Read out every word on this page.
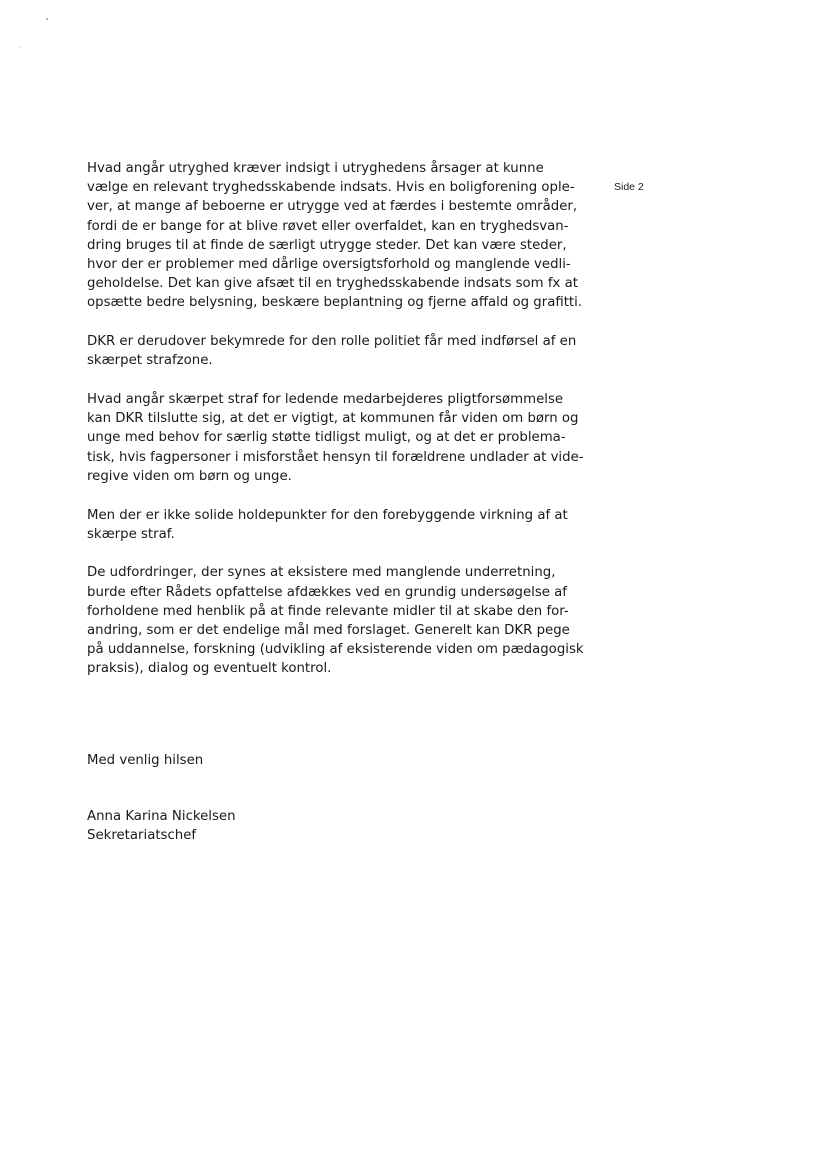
Side 2

Hvad angår utryghed kræver indsigt i utryghedens årsager at kunne
vælge en relevant tryghedsskabende indsats. Hvis en boligforening ople-
ver, at mange af beboerne er utrygge ved at færdes i bestemte områder,
fordi de er bange for at blive røvet eller overfaldet, kan en tryghedsvan-
dring bruges til at finde de særligt utrygge steder. Det kan være steder,
hvor der er problemer med dårlige oversigtsforhold og manglende vedli-
geholdelse. Det kan give afsæt til en tryghedsskabende indsats som fx at
opsætte bedre belysning, beskære beplantning og fjerne affald og grafitti.

DKR er derudover bekymrede for den rolle politiet får med indførsel af en
skærpet strafzone.

Hvad angår skærpet straf for ledende medarbejderes pligtforsømmelse
kan DKR tilslutte sig, at det er vigtigt, at kommunen får viden om børn og
unge med behov for særlig støtte tidligst muligt, og at det er problema-
tisk, hvis fagpersoner i misforstået hensyn til forældrene undlader at vide-
regive viden om børn og unge.

Men der er ikke solide holdepunkter for den forebyggende virkning af at
skærpe straf.

De udfordringer, der synes at eksistere med manglende underretning,
burde efter Rådets opfattelse afdækkes ved en grundig undersøgelse af
forholdene med henblik på at finde relevante midler til at skabe den for-
andring, som er det endelige mål med forslaget. Generelt kan DKR pege
på uddannelse, forskning (udvikling af eksisterende viden om pædagogisk
praksis), dialog og eventuelt kontrol.

Med venlig hilsen
Anna Karina Nickelsen
Sekretariatschef
